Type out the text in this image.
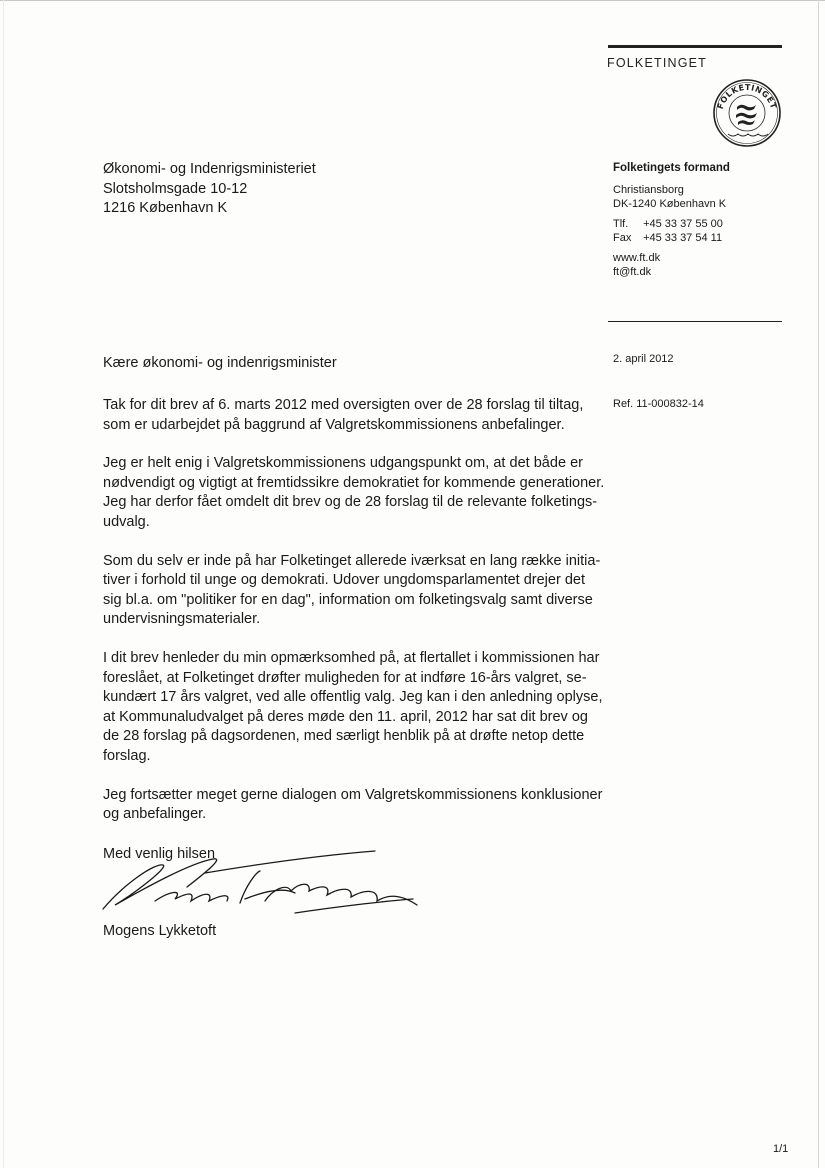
FOLKETINGET
FOLKETINGET
Økonomi- og Indenrigsministeriet
Slotsholmsgade 10-12
1216 København K
Folketingets formand
Christiansborg
DK-1240 København K
Tlf. +45 33 37 55 00
Fax +45 33 37 54 11
www.ft.dk
ft@ft.dk
2. april 2012
Ref. 11-000832-14
Kære økonomi- og indenrigsminister
Tak for dit brev af 6. marts 2012 med oversigten over de 28 forslag til tiltag,
som er udarbejdet på baggrund af Valgretskommissionens anbefalinger.
Jeg er helt enig i Valgretskommissionens udgangspunkt om, at det både er
nødvendigt og vigtigt at fremtidssikre demokratiet for kommende generationer.
Jeg har derfor fået omdelt dit brev og de 28 forslag til de relevante folketings-
udvalg.
Som du selv er inde på har Folketinget allerede iværksat en lang række initia-
tiver i forhold til unge og demokrati. Udover ungdomsparlamentet drejer det
sig bl.a. om "politiker for en dag", information om folketingsvalg samt diverse
undervisningsmaterialer.
I dit brev henleder du min opmærksomhed på, at flertallet i kommissionen har
foreslået, at Folketinget drøfter muligheden for at indføre 16-års valgret, se-
kundært 17 års valgret, ved alle offentlig valg. Jeg kan i den anledning oplyse,
at Kommunaludvalget på deres møde den 11. april, 2012 har sat dit brev og
de 28 forslag på dagsordenen, med særligt henblik på at drøfte netop dette
forslag.
Jeg fortsætter meget gerne dialogen om Valgretskommissionens konklusioner
og anbefalinger.
Med venlig hilsen
Mogens Lykketoft
1/1
